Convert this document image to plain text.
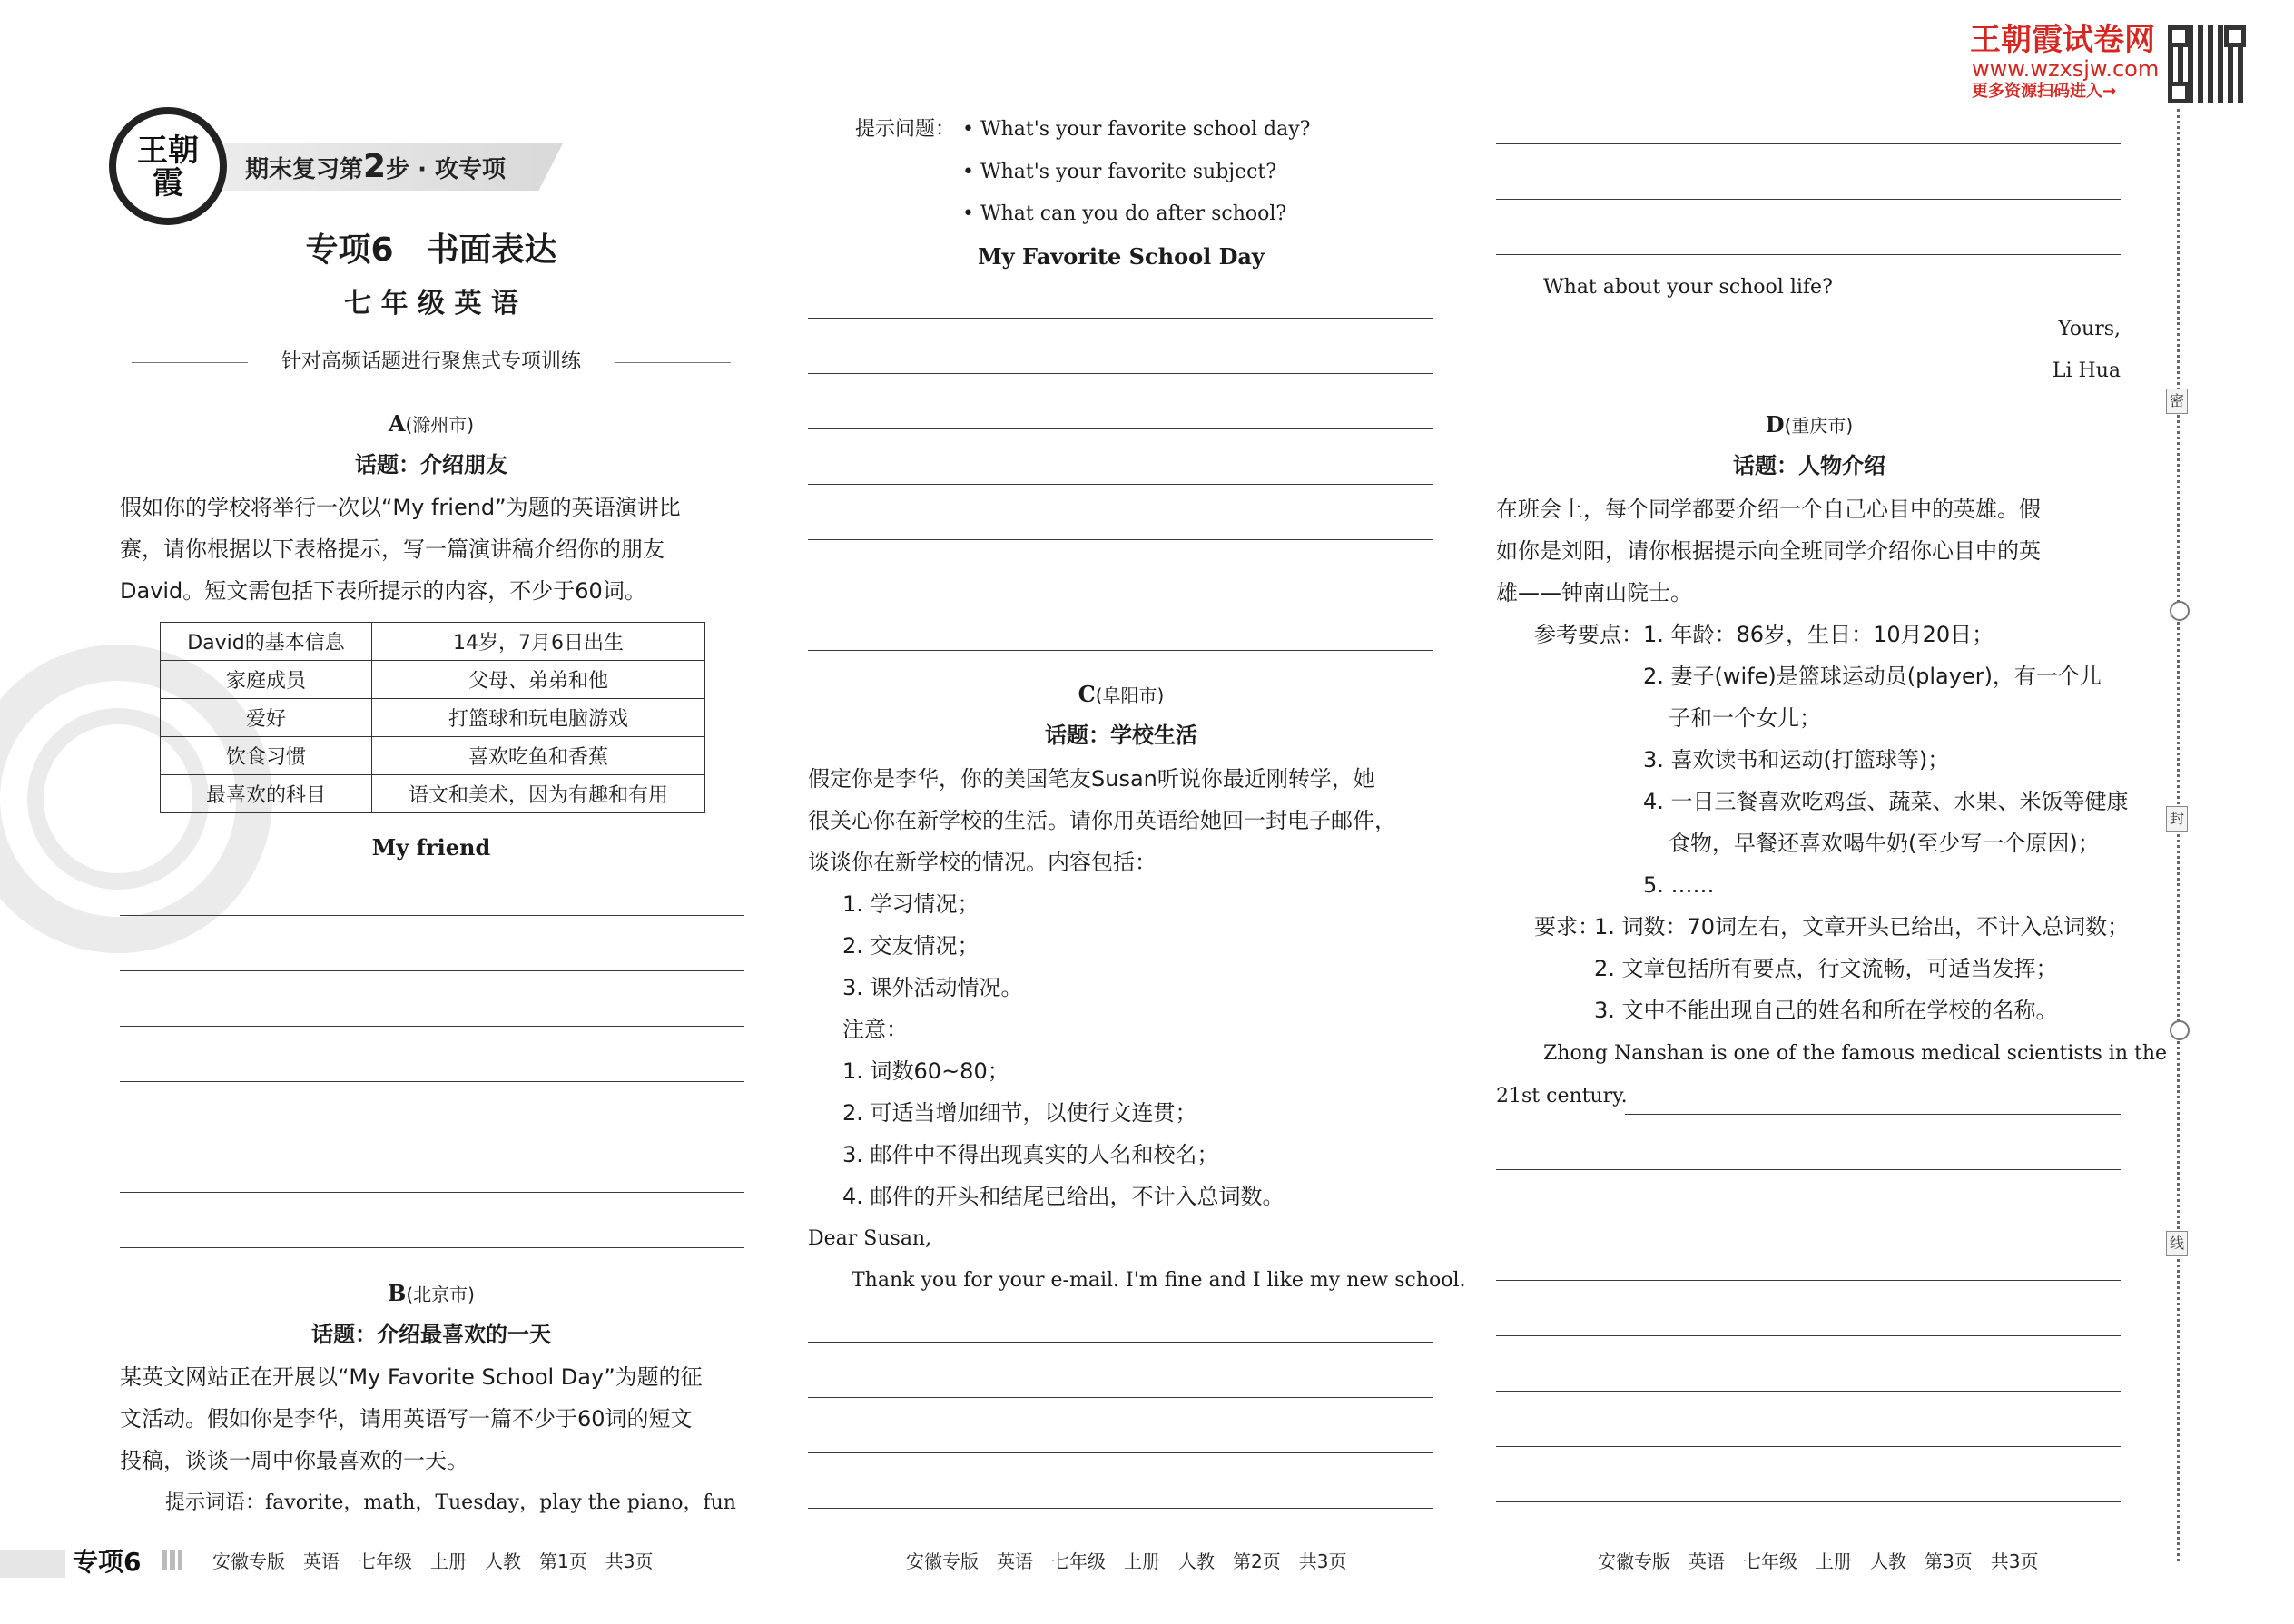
王朝霞	期末复习第2步 · 攻专项
专项6　书面表达
七 年 级 英 语
针对高频话题进行聚焦式专项训练
A(滁州市)
话题：介绍朋友
假如你的学校将举行一次以“My friend”为题的英语演讲比
赛，请你根据以下表格提示，写一篇演讲稿介绍你的朋友
David。短文需包括下表所提示的内容，不少于60词。
David的基本信息	14岁，7月6日出生
家庭成员	父母、弟弟和他
爱好	打篮球和玩电脑游戏
饮食习惯	喜欢吃鱼和香蕉
最喜欢的科目	语文和美术，因为有趣和有用
My friend
B(北京市)
话题：介绍最喜欢的一天
某英文网站正在开展以“My Favorite School Day”为题的征
文活动。假如你是李华，请用英语写一篇不少于60词的短文
投稿，谈谈一周中你最喜欢的一天。
提示词语：favorite，math，Tuesday，play the piano，fun
提示问题： • What's your favorite school day?
• What's your favorite subject?
• What can you do after school?
My Favorite School Day
C(阜阳市)
话题：学校生活
假定你是李华，你的美国笔友Susan听说你最近刚转学，她
很关心你在新学校的生活。请你用英语给她回一封电子邮件，
谈谈你在新学校的情况。内容包括：
1. 学习情况；
2. 交友情况；
3. 课外活动情况。
注意：
1. 词数60~80；
2. 可适当增加细节，以使行文连贯；
3. 邮件中不得出现真实的人名和校名；
4. 邮件的开头和结尾已给出，不计入总词数。
Dear Susan,
Thank you for your e-mail. I'm fine and I like my new school.
What about your school life?
Yours,
Li Hua
D(重庆市)
话题：人物介绍
在班会上，每个同学都要介绍一个自己心目中的英雄。假
如你是刘阳，请你根据提示向全班同学介绍你心目中的英
雄——钟南山院士。
参考要点： 1. 年龄：86岁，生日：10月20日；
2. 妻子(wife)是篮球运动员(player)，有一个儿
子和一个女儿；
3. 喜欢读书和运动(打篮球等)；
4. 一日三餐喜欢吃鸡蛋、蔬菜、水果、米饭等健康
食物，早餐还喜欢喝牛奶(至少写一个原因)；
5. ……
要求：
1. 词数：70词左右，文章开头已给出，不计入总词数；
2. 文章包括所有要点，行文流畅，可适当发挥；
3. 文中不能出现自己的姓名和所在学校的名称。
Zhong Nanshan is one of the famous medical scientists in the
21st century.
王朝霞试卷网
www.wzxsjw.com
更多资源扫码进入→
密
封
线
专项6	安徽专版　英语　七年级　上册　人教　第1页　共3页	安徽专版　英语　七年级　上册　人教　第2页　共3页	安徽专版　英语　七年级　上册　人教　第3页　共3页
